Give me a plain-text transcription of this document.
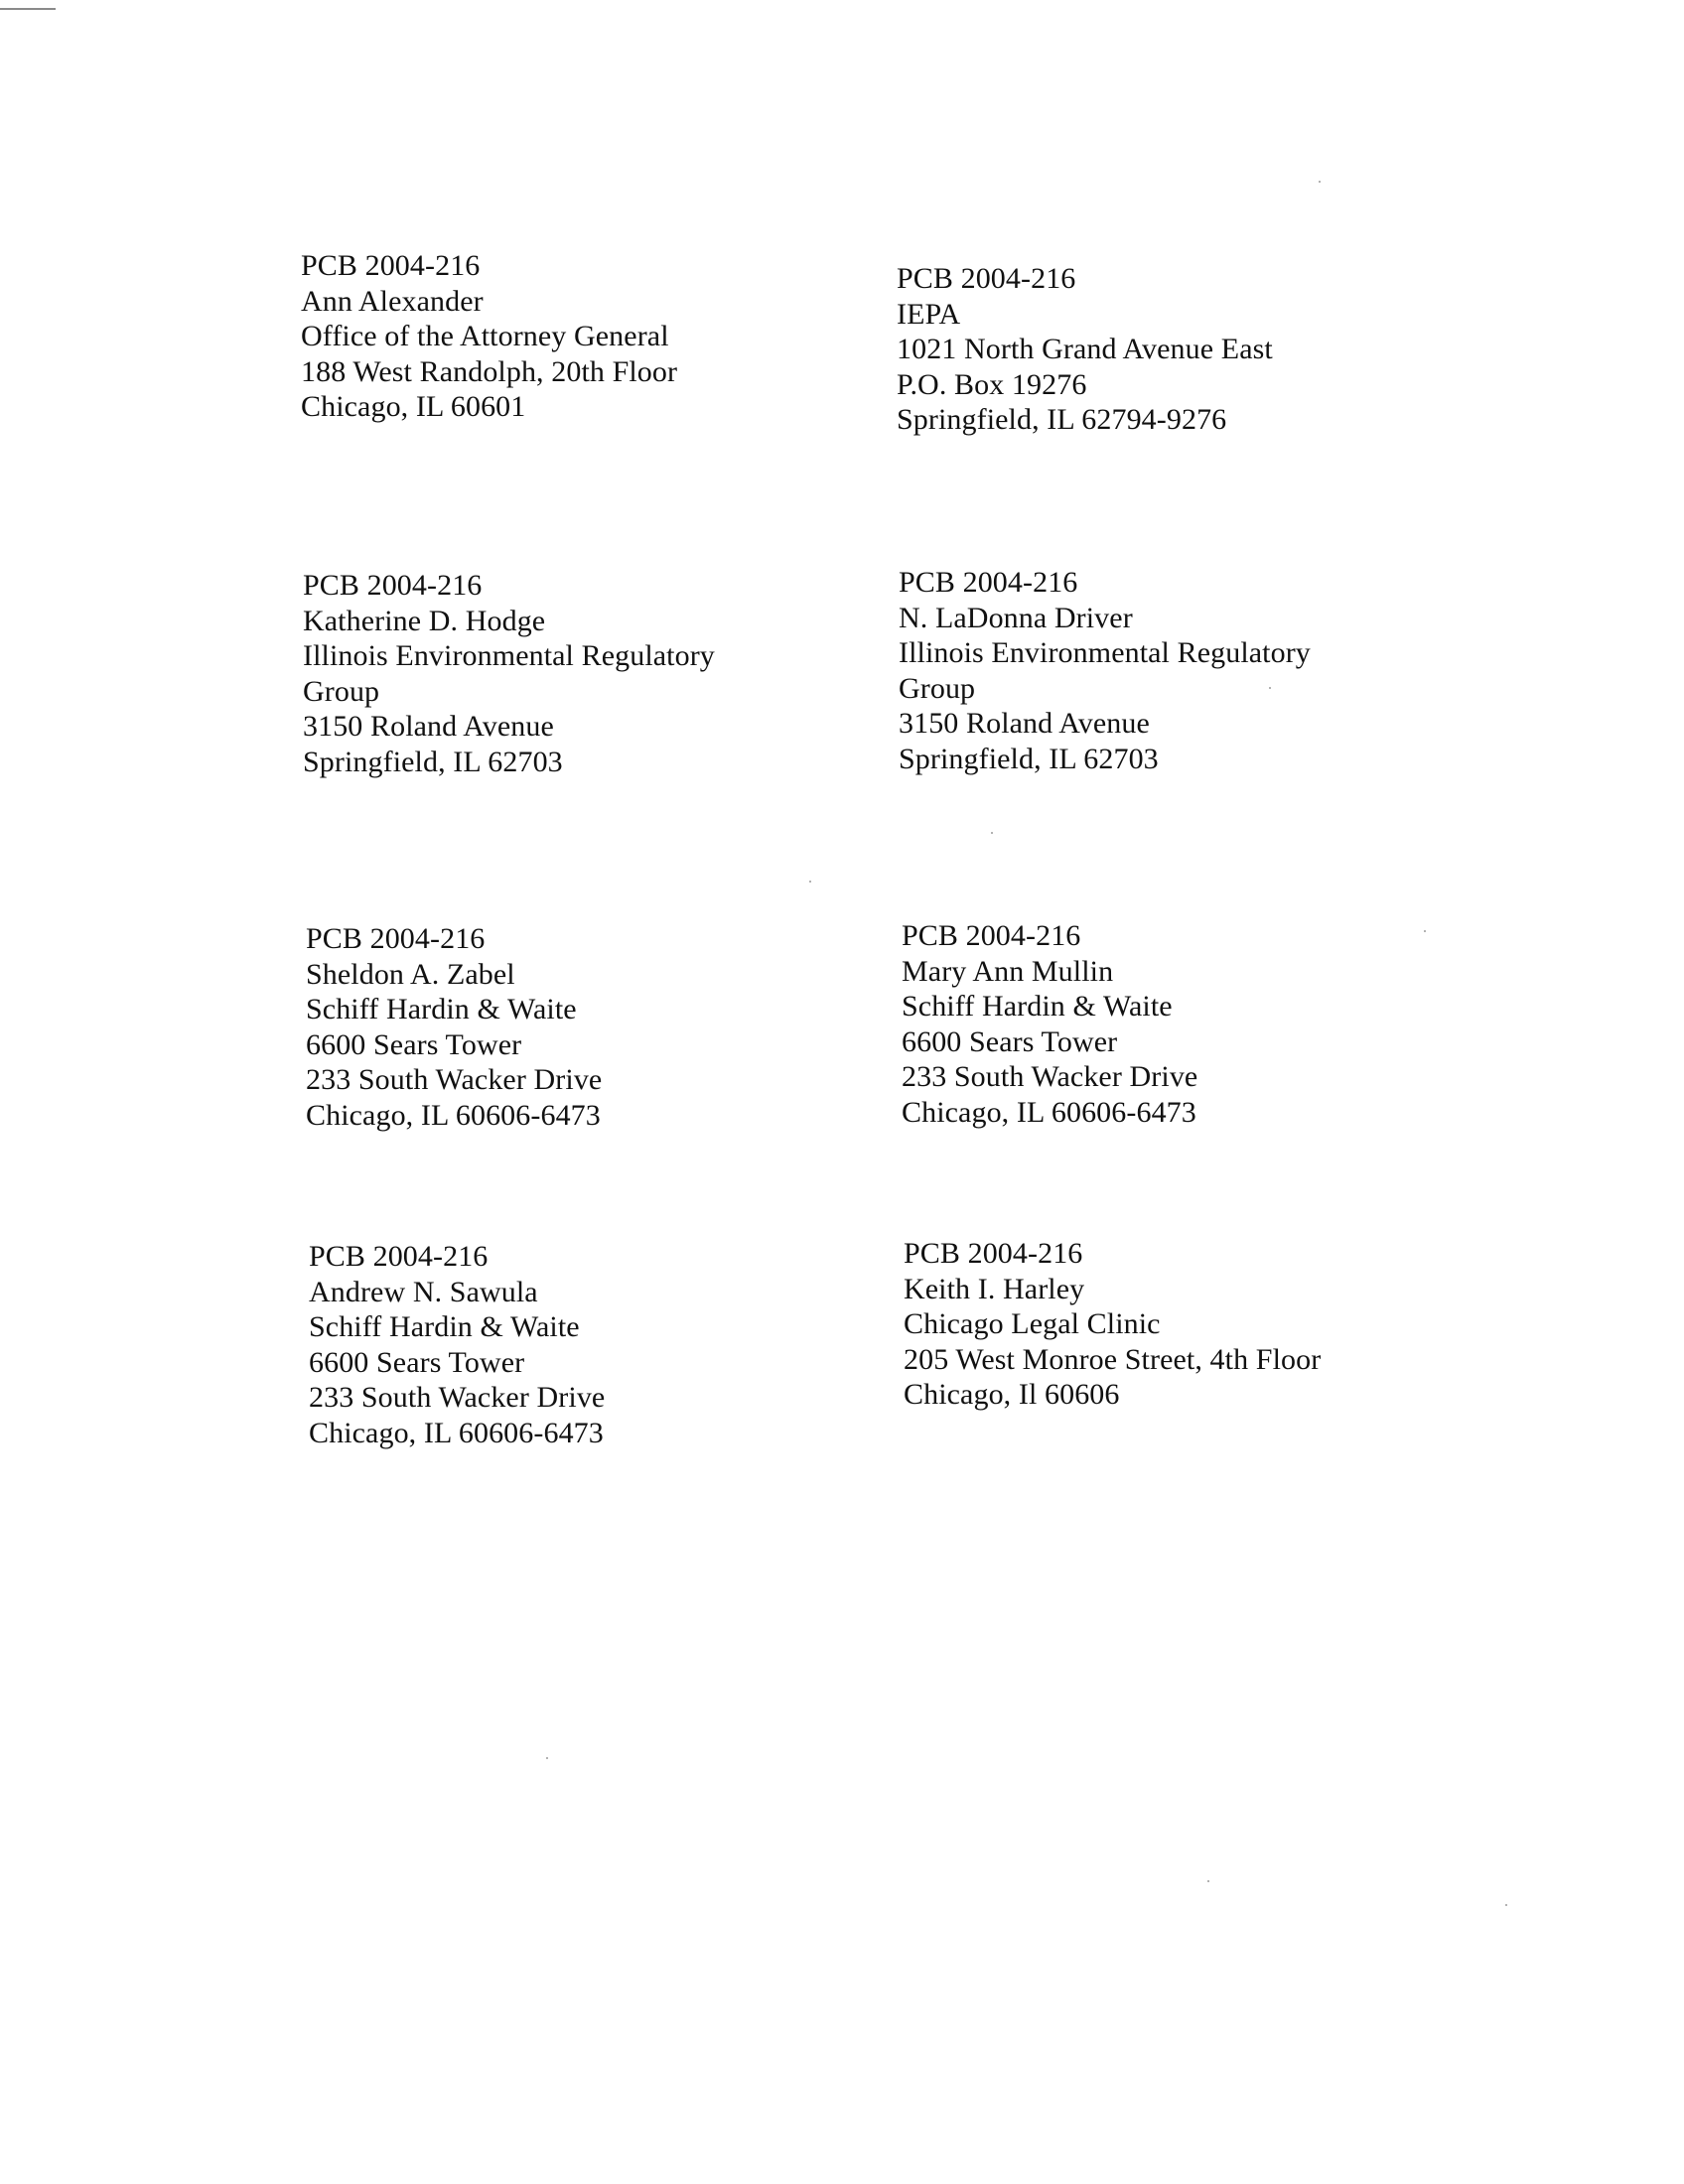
PCB 2004-216
Ann Alexander
Office of the Attorney General
188 West Randolph, 20th Floor
Chicago, IL 60601
PCB 2004-216
IEPA
1021 North Grand Avenue East
P.O. Box 19276
Springfield, IL 62794-9276
PCB 2004-216
Katherine D. Hodge
Illinois Environmental Regulatory
Group
3150 Roland Avenue
Springfield, IL 62703
PCB 2004-216
N. LaDonna Driver
Illinois Environmental Regulatory
Group
3150 Roland Avenue
Springfield, IL 62703
PCB 2004-216
Sheldon A. Zabel
Schiff Hardin & Waite
6600 Sears Tower
233 South Wacker Drive
Chicago, IL 60606-6473
PCB 2004-216
Mary Ann Mullin
Schiff Hardin & Waite
6600 Sears Tower
233 South Wacker Drive
Chicago, IL 60606-6473
PCB 2004-216
Andrew N. Sawula
Schiff Hardin & Waite
6600 Sears Tower
233 South Wacker Drive
Chicago, IL 60606-6473
PCB 2004-216
Keith I. Harley
Chicago Legal Clinic
205 West Monroe Street, 4th Floor
Chicago, Il 60606
